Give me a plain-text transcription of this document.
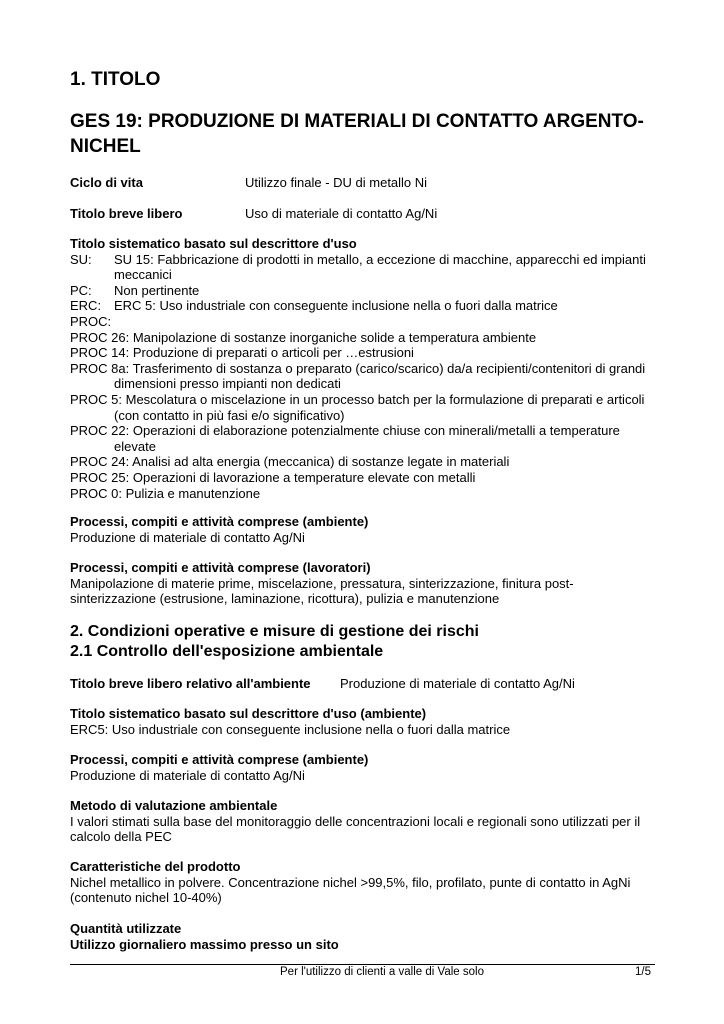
1. TITOLO
GES 19: PRODUZIONE DI MATERIALI DI CONTATTO ARGENTO-NICHEL
Ciclo di vita	Utilizzo finale - DU di metallo Ni
Titolo breve libero	Uso di materiale di contatto Ag/Ni
Titolo sistematico basato sul descrittore d'uso
SU: SU 15: Fabbricazione di prodotti in metallo, a eccezione di macchine, apparecchi ed impianti meccanici
PC: Non pertinente
ERC: ERC 5: Uso industriale con conseguente inclusione nella o fuori dalla matrice
PROC:
PROC 26: Manipolazione di sostanze inorganiche solide a temperatura ambiente
PROC 14: Produzione di preparati o articoli per …estrusioni
PROC 8a: Trasferimento di sostanza o preparato (carico/scarico) da/a recipienti/contenitori di grandi dimensioni presso impianti non dedicati
PROC 5: Mescolatura o miscelazione in un processo batch per la formulazione di preparati e articoli (con contatto in più fasi e/o significativo)
PROC 22: Operazioni di elaborazione potenzialmente chiuse con minerali/metalli a temperature elevate
PROC 24: Analisi ad alta energia (meccanica) di sostanze legate in materiali
PROC 25: Operazioni di lavorazione a temperature elevate con metalli
PROC 0: Pulizia e manutenzione
Processi, compiti e attività comprese (ambiente)
Produzione di materiale di contatto Ag/Ni
Processi, compiti e attività comprese (lavoratori)
Manipolazione di materie prime, miscelazione, pressatura, sinterizzazione, finitura post-sinterizzazione (estrusione, laminazione, ricottura), pulizia e manutenzione
2. Condizioni operative e misure di gestione dei rischi
2.1 Controllo dell'esposizione ambientale
Titolo breve libero relativo all'ambiente Produzione di materiale di contatto Ag/Ni
Titolo sistematico basato sul descrittore d'uso (ambiente)
ERC5: Uso industriale con conseguente inclusione nella o fuori dalla matrice
Processi, compiti e attività comprese (ambiente)
Produzione di materiale di contatto Ag/Ni
Metodo di valutazione ambientale
I valori stimati sulla base del monitoraggio delle concentrazioni locali e regionali sono utilizzati per il calcolo della PEC
Caratteristiche del prodotto
Nichel metallico in polvere. Concentrazione nichel >99,5%, filo, profilato, punte di contatto in AgNi (contenuto nichel 10-40%)
Quantità utilizzate
Utilizzo giornaliero massimo presso un sito
Per l'utilizzo di clienti a valle di Vale solo	1/5
